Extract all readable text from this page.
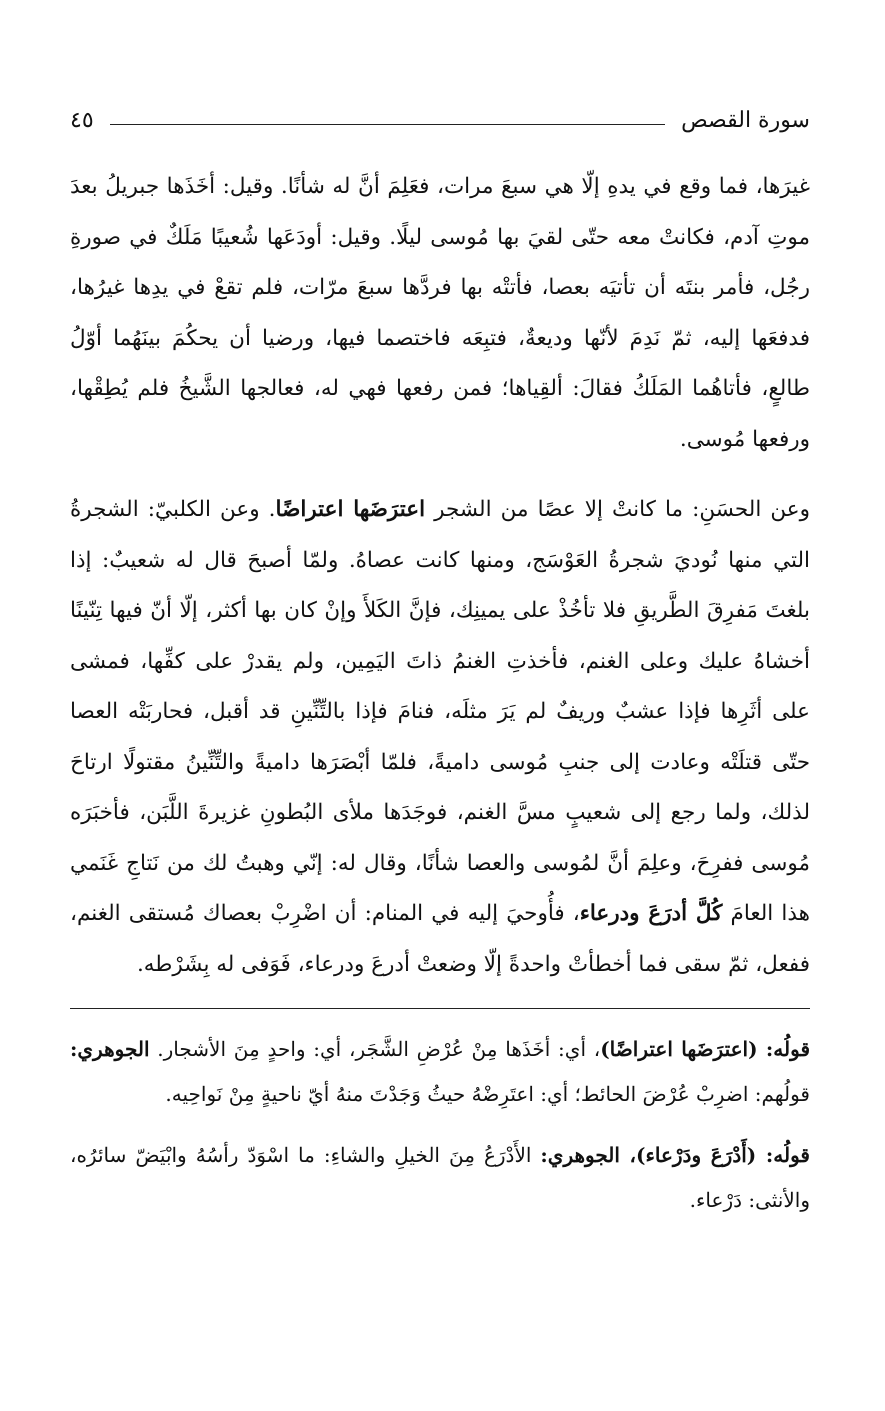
سورة القصص
٤٥

غيرَها، فما وقع في يدهِ إلّا هي سبعَ مرات، فعَلِمَ أنَّ له شأنًا. وقيل: أخَذَها جبريلُ بعدَ موتِ آدم، فكانتْ معه حتّى لقيَ بها مُوسى ليلًا. وقيل: أودَعَها شُعيبًا مَلَكٌ في صورةِ رجُل، فأمر بنتَه أن تأتيَه بعصا، فأتتْه بها فردَّها سبعَ مرّات، فلم تقعْ في يدِها غيرُها، فدفعَها إليه، ثمّ نَدِمَ لأنّها وديعةٌ، فتبِعَه فاختصما فيها، ورضيا أن يحكُمَ بينَهُما أوّلُ طالعٍ، فأتاهُما المَلَكُ فقالَ: ألقِياها؛ فمن رفعها فهي له، فعالجها الشَّيخُ فلم يُطِقْها، ورفعها مُوسى.

وعن الحسَنِ: ما كانتْ إلا عصًا من الشجر اعترَضَها اعتراضًا. وعن الكلبيّ: الشجرةُ التي منها نُوديَ شجرةُ العَوْسَج، ومنها كانت عصاهُ. ولمّا أصبحَ قال له شعيبٌ: إذا بلغتَ مَفرِقَ الطَّريقِ فلا تأخُذْ على يمينِك، فإنَّ الكَلأَ وإنْ كان بها أكثر، إلّا أنّ فيها تِنّينًا أخشاهُ عليك وعلى الغنم، فأخذتِ الغنمُ ذاتَ اليَمِين، ولم يقدرْ على كفِّها، فمشى على أثَرِها فإذا عشبٌ وريفٌ لم يَرَ مثلَه، فنامَ فإذا بالتِّنِّينِ قد أقبل، فحاربَتْه العصا حتّى قتلَتْه وعادت إلى جنبِ مُوسى داميةً، فلمّا أبْصَرَها داميةً والتِّنِّينُ مقتولًا ارتاحَ لذلك، ولما رجع إلى شعيبٍ مسَّ الغنم، فوجَدَها ملأى البُطونِ غزيرةَ اللَّبَن، فأخبَرَه مُوسى ففرِحَ، وعلِمَ أنَّ لمُوسى والعصا شأنًا، وقال له: إنّي وهبتُ لك من نَتاجِ غَنَمي هذا العامَ كُلَّ أدرَعَ ودرعاء، فأُوحيَ إليه في المنام: أن اضْرِبْ بعصاك مُستقى الغنم، ففعل، ثمّ سقى فما أخطأتْ واحدةً إلّا وضعتْ أدرعَ ودرعاء، فَوَفى له بِشَرْطه.

قولُه: (اعترَضَها اعتراضًا)، أي: أخَذَها مِنْ عُرْضِ الشَّجَر، أي: واحدٍ مِنَ الأشجار. الجوهري: قولُهم: اضرِبْ عُرْضَ الحائط؛ أي: اعتَرِضْهُ حيثُ وَجَدْتَ منهُ أيّ ناحيةٍ مِنْ نَواحِيه.

قولُه: (أَدْرَعَ ودَرْعاء)، الجوهري: الأَدْرَعُ مِنَ الخيلِ والشاءِ: ما اسْوَدّ رأسُهُ وابْيَضّ سائرُه، والأنثى: دَرْعاء.
